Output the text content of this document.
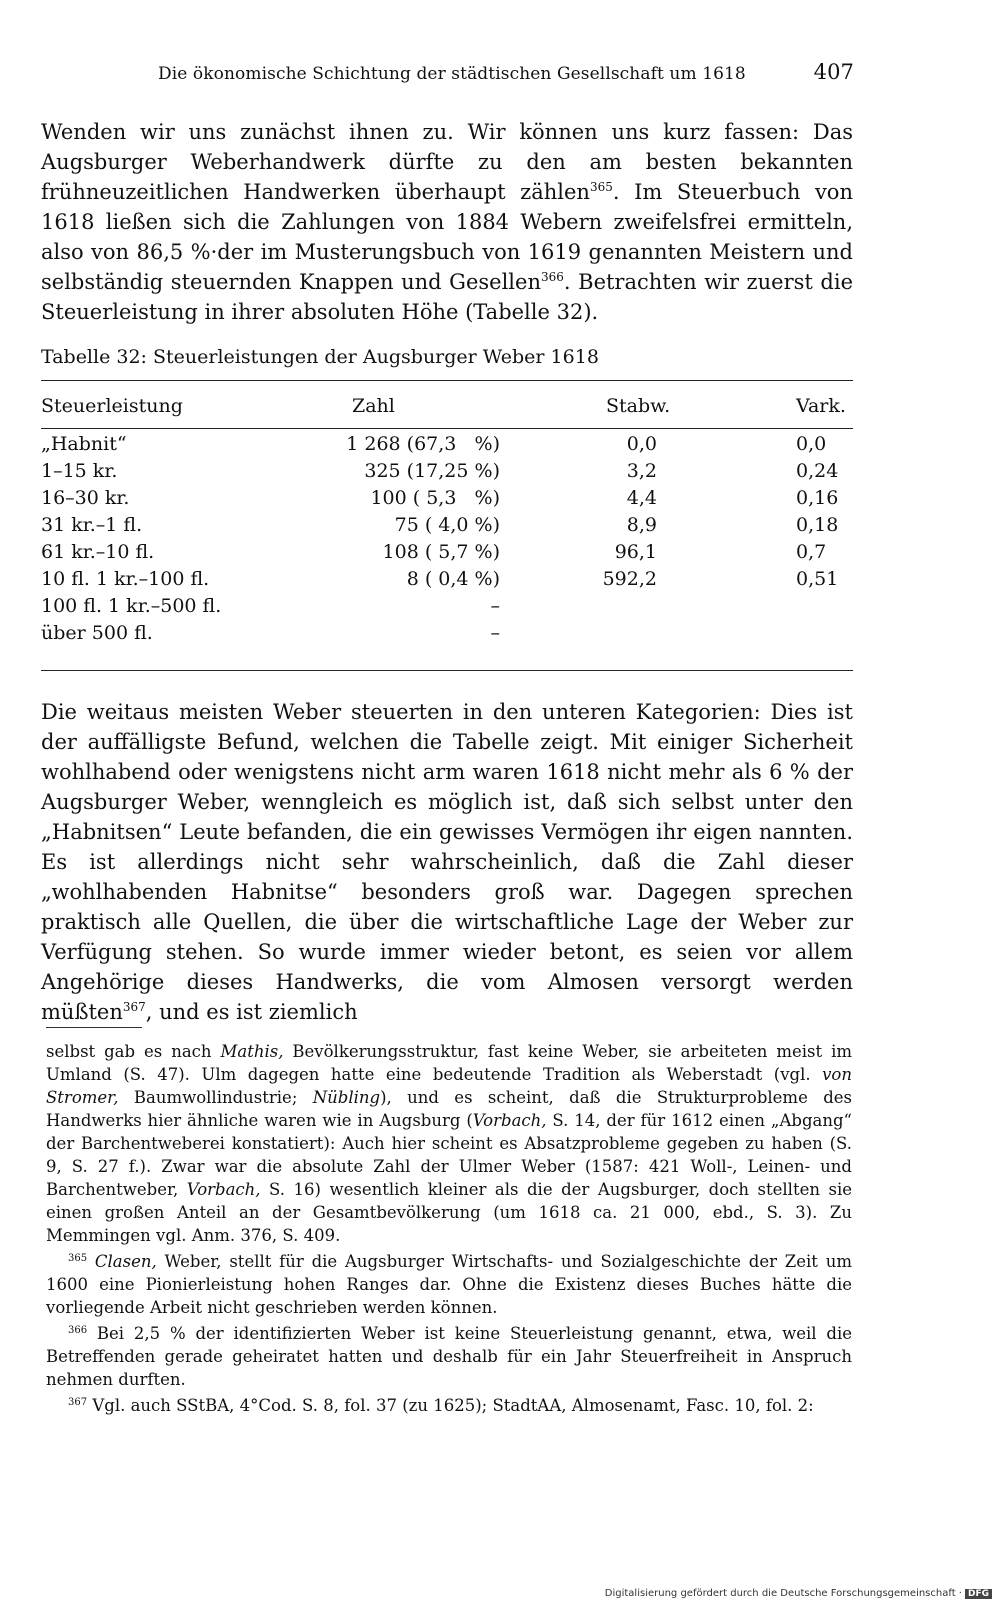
Die ökonomische Schichtung der städtischen Gesellschaft um 1618	407
Wenden wir uns zunächst ihnen zu. Wir können uns kurz fassen: Das Augsburger Weberhandwerk dürfte zu den am besten bekannten frühneuzeitlichen Handwerken überhaupt zählen$^{365}$. Im Steuerbuch von 1618 ließen sich die Zahlungen von 1884 Webern zweifelsfrei ermitteln, also von 86,5 %·der im Musterungsbuch von 1619 genannten Meistern und selbständig steuernden Knappen und Gesellen$^{366}$. Betrachten wir zuerst die Steuerleistung in ihrer absoluten Höhe (Tabelle 32).
Tabelle 32: Steuerleistungen der Augsburger Weber 1618
Steuerleistung	Zahl	Stabw.	Vark.
„Habnit“	1 268 (67,3   %)	0,0	0,0
1–15 kr.	325 (17,25 %)	3,2	0,24
16–30 kr.	100 ( 5,3   %)	4,4	0,16
31 kr.–1 fl.	75 ( 4,0 %)	8,9	0,18
61 kr.–10 fl.	108 ( 5,7 %)	96,1	0,7
10 fl. 1 kr.–100 fl.	8 ( 0,4 %)	592,2	0,51
100 fl. 1 kr.–500 fl.	–
über 500 fl.	–
Die weitaus meisten Weber steuerten in den unteren Kategorien: Dies ist der auffälligste Befund, welchen die Tabelle zeigt. Mit einiger Sicherheit wohlhabend oder wenigstens nicht arm waren 1618 nicht mehr als 6 % der Augsburger Weber, wenngleich es möglich ist, daß sich selbst unter den „Habnitsen“ Leute befanden, die ein gewisses Vermögen ihr eigen nannten. Es ist allerdings nicht sehr wahrscheinlich, daß die Zahl dieser „wohlhabenden Habnitse“ besonders groß war. Dagegen sprechen praktisch alle Quellen, die über die wirtschaftliche Lage der Weber zur Verfügung stehen. So wurde immer wieder betont, es seien vor allem Angehörige dieses Handwerks, die vom Almosen versorgt werden müßten$^{367}$, und es ist ziemlich

selbst gab es nach Mathis, Bevölkerungsstruktur, fast keine Weber, sie arbeiteten meist im Umland (S. 47). Ulm dagegen hatte eine bedeutende Tradition als Weberstadt (vgl. von Stromer, Baumwollindustrie; Nübling), und es scheint, daß die Strukturprobleme des Handwerks hier ähnliche waren wie in Augsburg (Vorbach, S. 14, der für 1612 einen „Abgang“ der Barchentweberei konstatiert): Auch hier scheint es Absatzprobleme gegeben zu haben (S. 9, S. 27 f.). Zwar war die absolute Zahl der Ulmer Weber (1587: 421 Woll-, Leinen- und Barchentweber, Vorbach, S. 16) wesentlich kleiner als die der Augsburger, doch stellten sie einen großen Anteil an der Gesamtbevölkerung (um 1618 ca. 21 000, ebd., S. 3). Zu Memmingen vgl. Anm. 376, S. 409.

$^{365}$ Clasen, Weber, stellt für die Augsburger Wirtschafts- und Sozialgeschichte der Zeit um 1600 eine Pionierleistung hohen Ranges dar. Ohne die Existenz dieses Buches hätte die vorliegende Arbeit nicht geschrieben werden können.

$^{366}$ Bei 2,5 % der identifizierten Weber ist keine Steuerleistung genannt, etwa, weil die Betreffenden gerade geheiratet hatten und deshalb für ein Jahr Steuerfreiheit in Anspruch nehmen durften.

$^{367}$ Vgl. auch SStBA, 4°Cod. S. 8, fol. 37 (zu 1625); StadtAA, Almosenamt, Fasc. 10, fol. 2:

Digitalisierung gefördert durch die Deutsche Forschungsgemeinschaft · DFG
